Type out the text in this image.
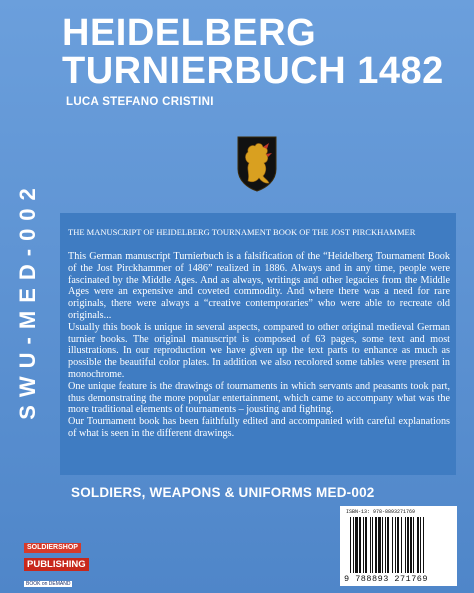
HEIDELBERG
TURNIERBUCH 1482
LUCA STEFANO CRISTINI
SWU-MED-002	THE MANUSCRIPT OF HEIDELBERG TOURNAMENT BOOK OF THE JOST PIRCKHAMMER

This German manuscript Turnierbuch is a falsification of the “Heidelberg Tournament Book of the Jost Pirckhammer of 1486” realized in 1886. Always and in any time, people were fascinated by the Middle Ages. And as always, writings and other legacies from the Middle Ages were an expensive and coveted commodity. And where there was a need for rare originals, there were always a “creative contemporaries” who were able to recreate old originals...

Usually this book is unique in several aspects, compared to other original medieval German turnier books. The original manuscript is composed of 63 pages, some text and most illustrations. In our reproduction we have given up the text parts to enhance as much as possible the beautiful color plates. In addition we also recolored some tables were present in monochrome.

One unique feature is the drawings of tournaments in which servants and peasants took part, thus demonstrating the more popular entertainment, which came to accompany what was the more traditional elements of tournaments – jousting and fighting.

Our Tournament book has been faithfully edited and accompanied with careful explanations of what is seen in the different drawings.

SOLDIERS, WEAPONS & UNIFORMS MED-002
SOLDIERSHOP
PUBLISHING
BOOK on DEMAND
ISBN-13: 978-8893271769
9 788893 271769
